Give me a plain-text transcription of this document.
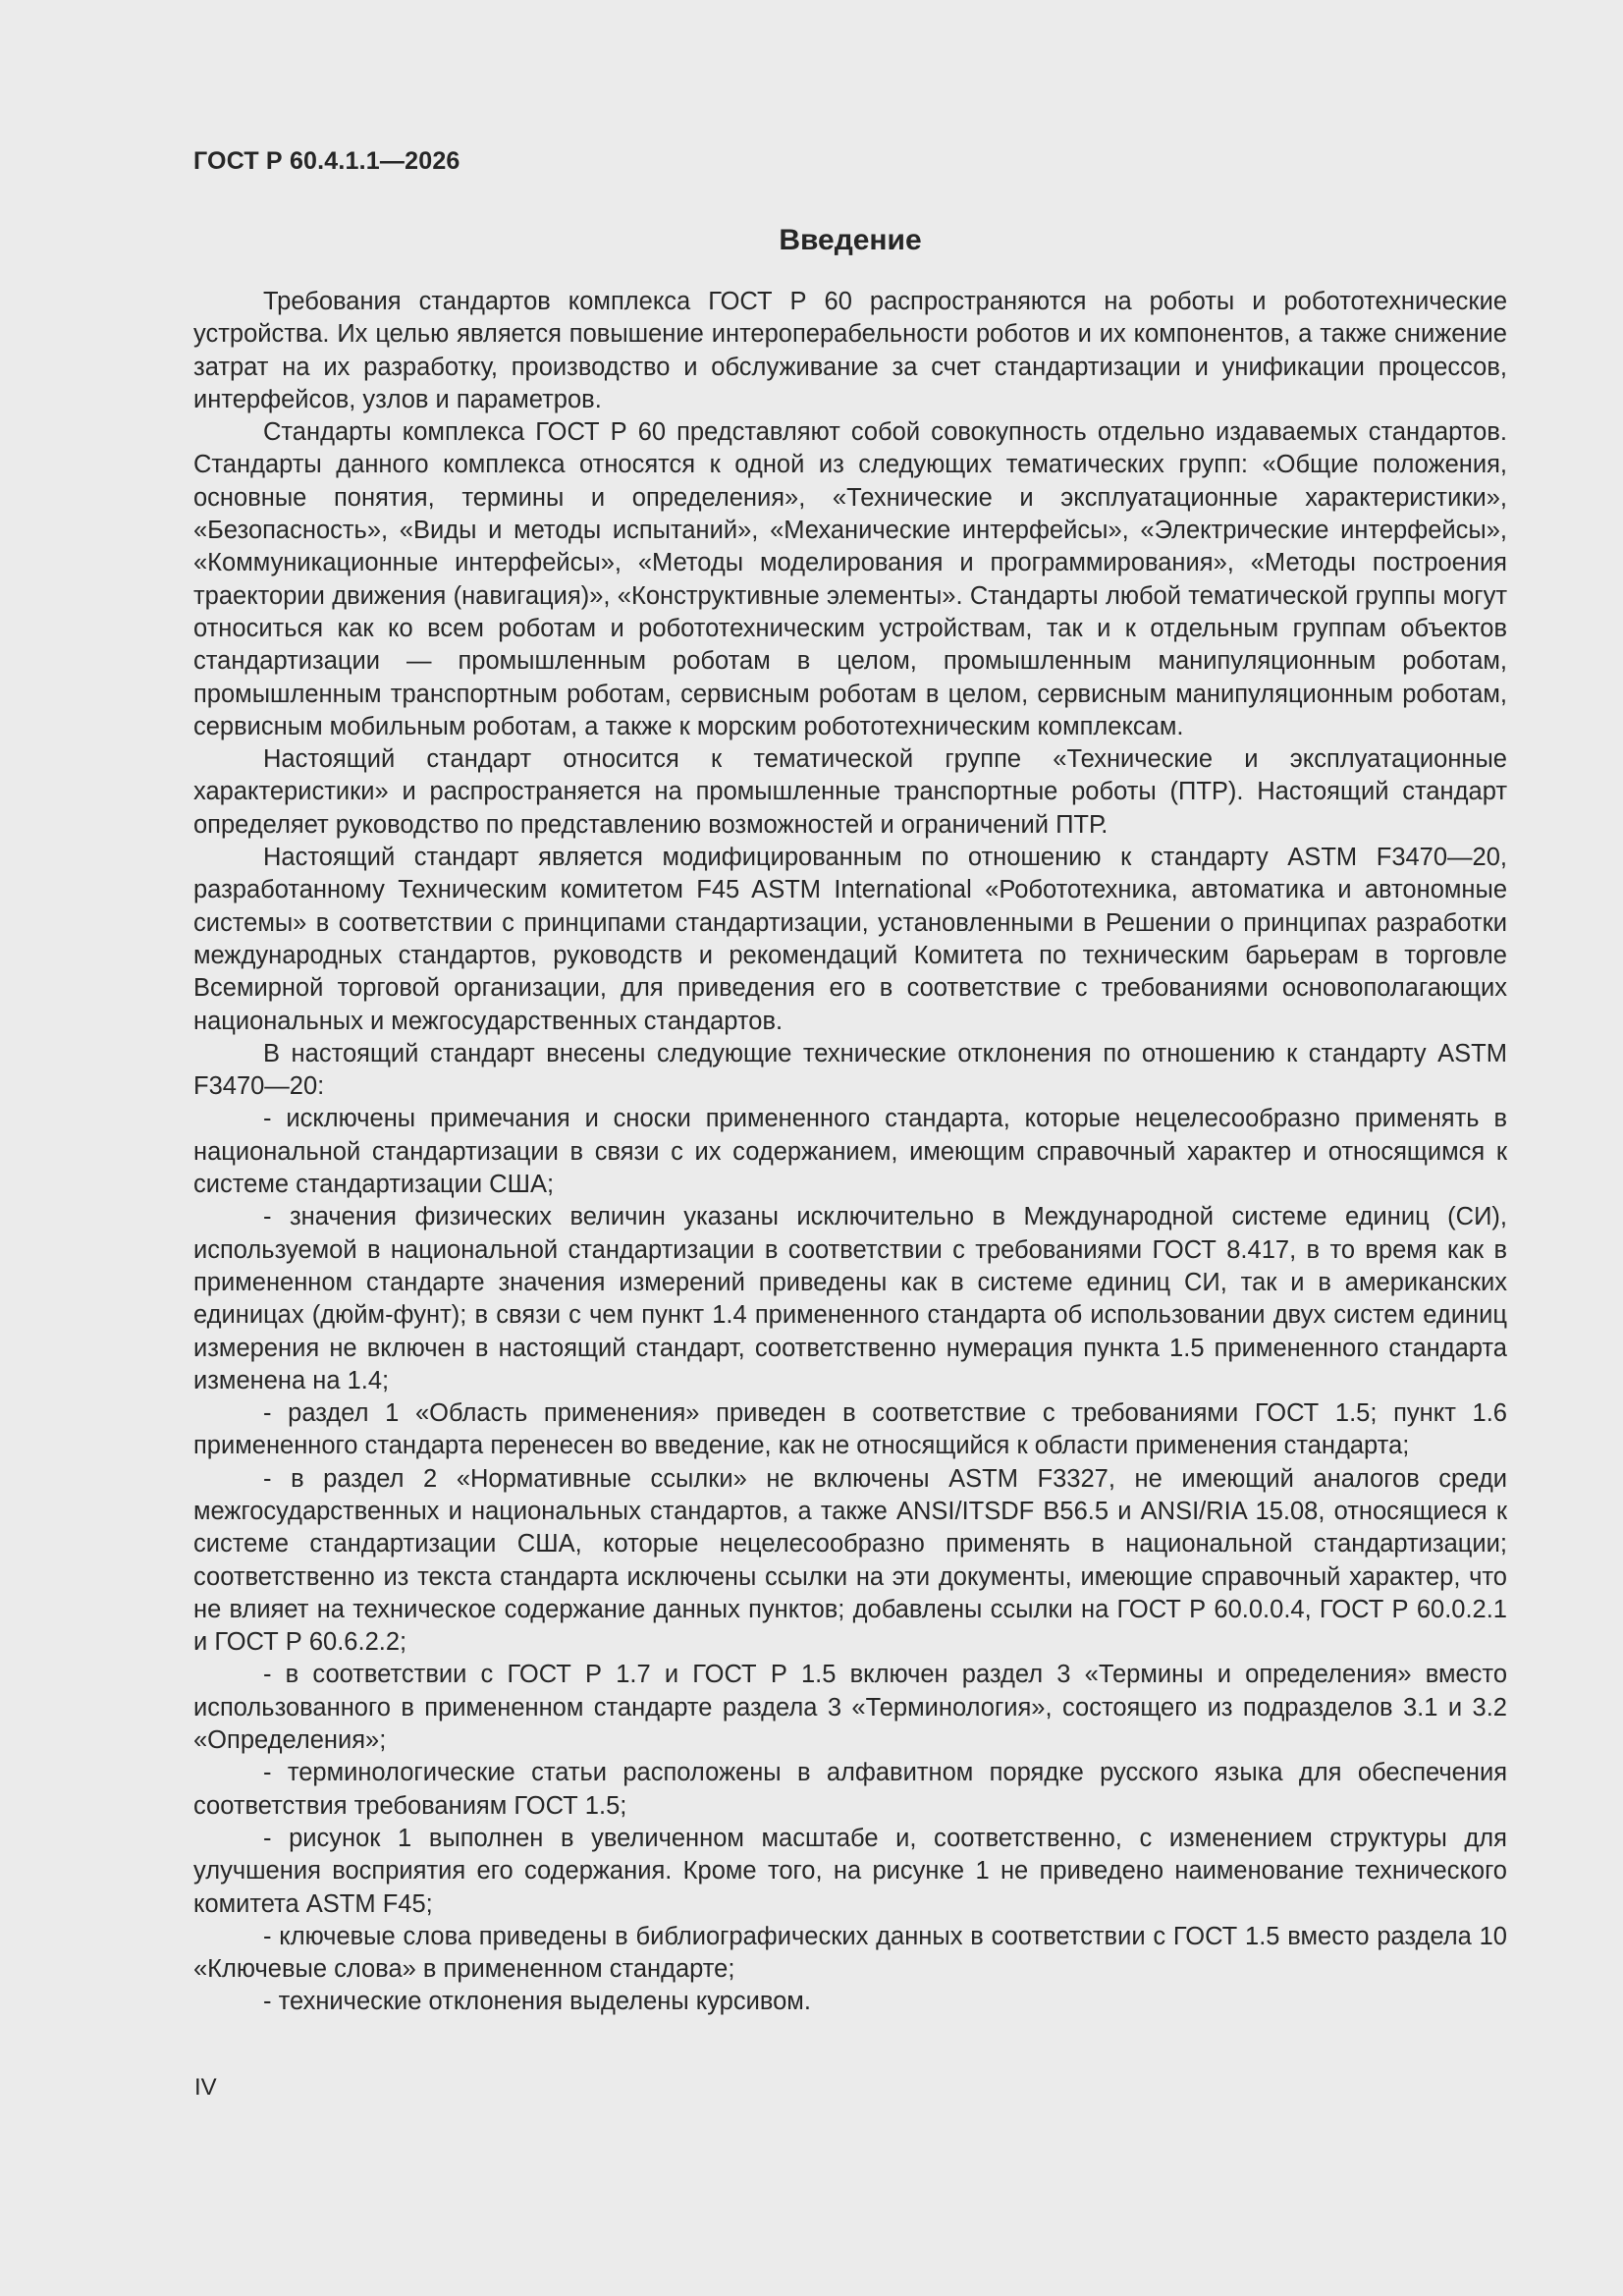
ГОСТ Р 60.4.1.1—2026
Введение

Требования стандартов комплекса ГОСТ Р 60 распространяются на роботы и робототехнические устройства. Их целью является повышение интероперабельности роботов и их компонентов, а также снижение затрат на их разработку, производство и обслуживание за счет стандартизации и унификации процессов, интерфейсов, узлов и параметров.

Стандарты комплекса ГОСТ Р 60 представляют собой совокупность отдельно издаваемых стандартов. Стандарты данного комплекса относятся к одной из следующих тематических групп: «Общие положения, основные понятия, термины и определения», «Технические и эксплуатационные характеристики», «Безопасность», «Виды и методы испытаний», «Механические интерфейсы», «Электрические интерфейсы», «Коммуникационные интерфейсы», «Методы моделирования и программирования», «Методы построения траектории движения (навигация)», «Конструктивные элементы». Стандарты любой тематической группы могут относиться как ко всем роботам и робототехническим устройствам, так и к отдельным группам объектов стандартизации — промышленным роботам в целом, промышленным манипуляционным роботам, промышленным транспортным роботам, сервисным роботам в целом, сервисным манипуляционным роботам, сервисным мобильным роботам, а также к морским робототехническим комплексам.

Настоящий стандарт относится к тематической группе «Технические и эксплуатационные характеристики» и распространяется на промышленные транспортные роботы (ПТР). Настоящий стандарт определяет руководство по представлению возможностей и ограничений ПТР.

Настоящий стандарт является модифицированным по отношению к стандарту ASTM F3470—20, разработанному Техническим комитетом F45 ASTM International «Робототехника, автоматика и автономные системы» в соответствии с принципами стандартизации, установленными в Решении о принципах разработки международных стандартов, руководств и рекомендаций Комитета по техническим барьерам в торговле Всемирной торговой организации, для приведения его в соответствие с требованиями основополагающих национальных и межгосударственных стандартов.

В настоящий стандарт внесены следующие технические отклонения по отношению к стандарту ASTM F3470—20:

- исключены примечания и сноски примененного стандарта, которые нецелесообразно применять в национальной стандартизации в связи с их содержанием, имеющим справочный характер и относящимся к системе стандартизации США;

- значения физических величин указаны исключительно в Международной системе единиц (СИ), используемой в национальной стандартизации в соответствии с требованиями ГОСТ 8.417, в то время как в примененном стандарте значения измерений приведены как в системе единиц СИ, так и в американских единицах (дюйм-фунт); в связи с чем пункт 1.4 примененного стандарта об использовании двух систем единиц измерения не включен в настоящий стандарт, соответственно нумерация пункта 1.5 примененного стандарта изменена на 1.4;

- раздел 1 «Область применения» приведен в соответствие с требованиями ГОСТ 1.5; пункт 1.6 примененного стандарта перенесен во введение, как не относящийся к области применения стандарта;

- в раздел 2 «Нормативные ссылки» не включены ASTM F3327, не имеющий аналогов среди межгосударственных и национальных стандартов, а также ANSI/ITSDF B56.5 и ANSI/RIA 15.08, относящиеся к системе стандартизации США, которые нецелесообразно применять в национальной стандартизации; соответственно из текста стандарта исключены ссылки на эти документы, имеющие справочный характер, что не влияет на техническое содержание данных пунктов; добавлены ссылки на ГОСТ Р 60.0.0.4, ГОСТ Р 60.0.2.1 и ГОСТ Р 60.6.2.2;

- в соответствии с ГОСТ Р 1.7 и ГОСТ Р 1.5 включен раздел 3 «Термины и определения» вместо использованного в примененном стандарте раздела 3 «Терминология», состоящего из подразделов 3.1 и 3.2 «Определения»;

- терминологические статьи расположены в алфавитном порядке русского языка для обеспечения соответствия требованиям ГОСТ 1.5;

- рисунок 1 выполнен в увеличенном масштабе и, соответственно, с изменением структуры для улучшения восприятия его содержания. Кроме того, на рисунке 1 не приведено наименование технического комитета ASTM F45;

- ключевые слова приведены в библиографических данных в соответствии с ГОСТ 1.5 вместо раздела 10 «Ключевые слова» в примененном стандарте;

- технические отклонения выделены курсивом.

IV
